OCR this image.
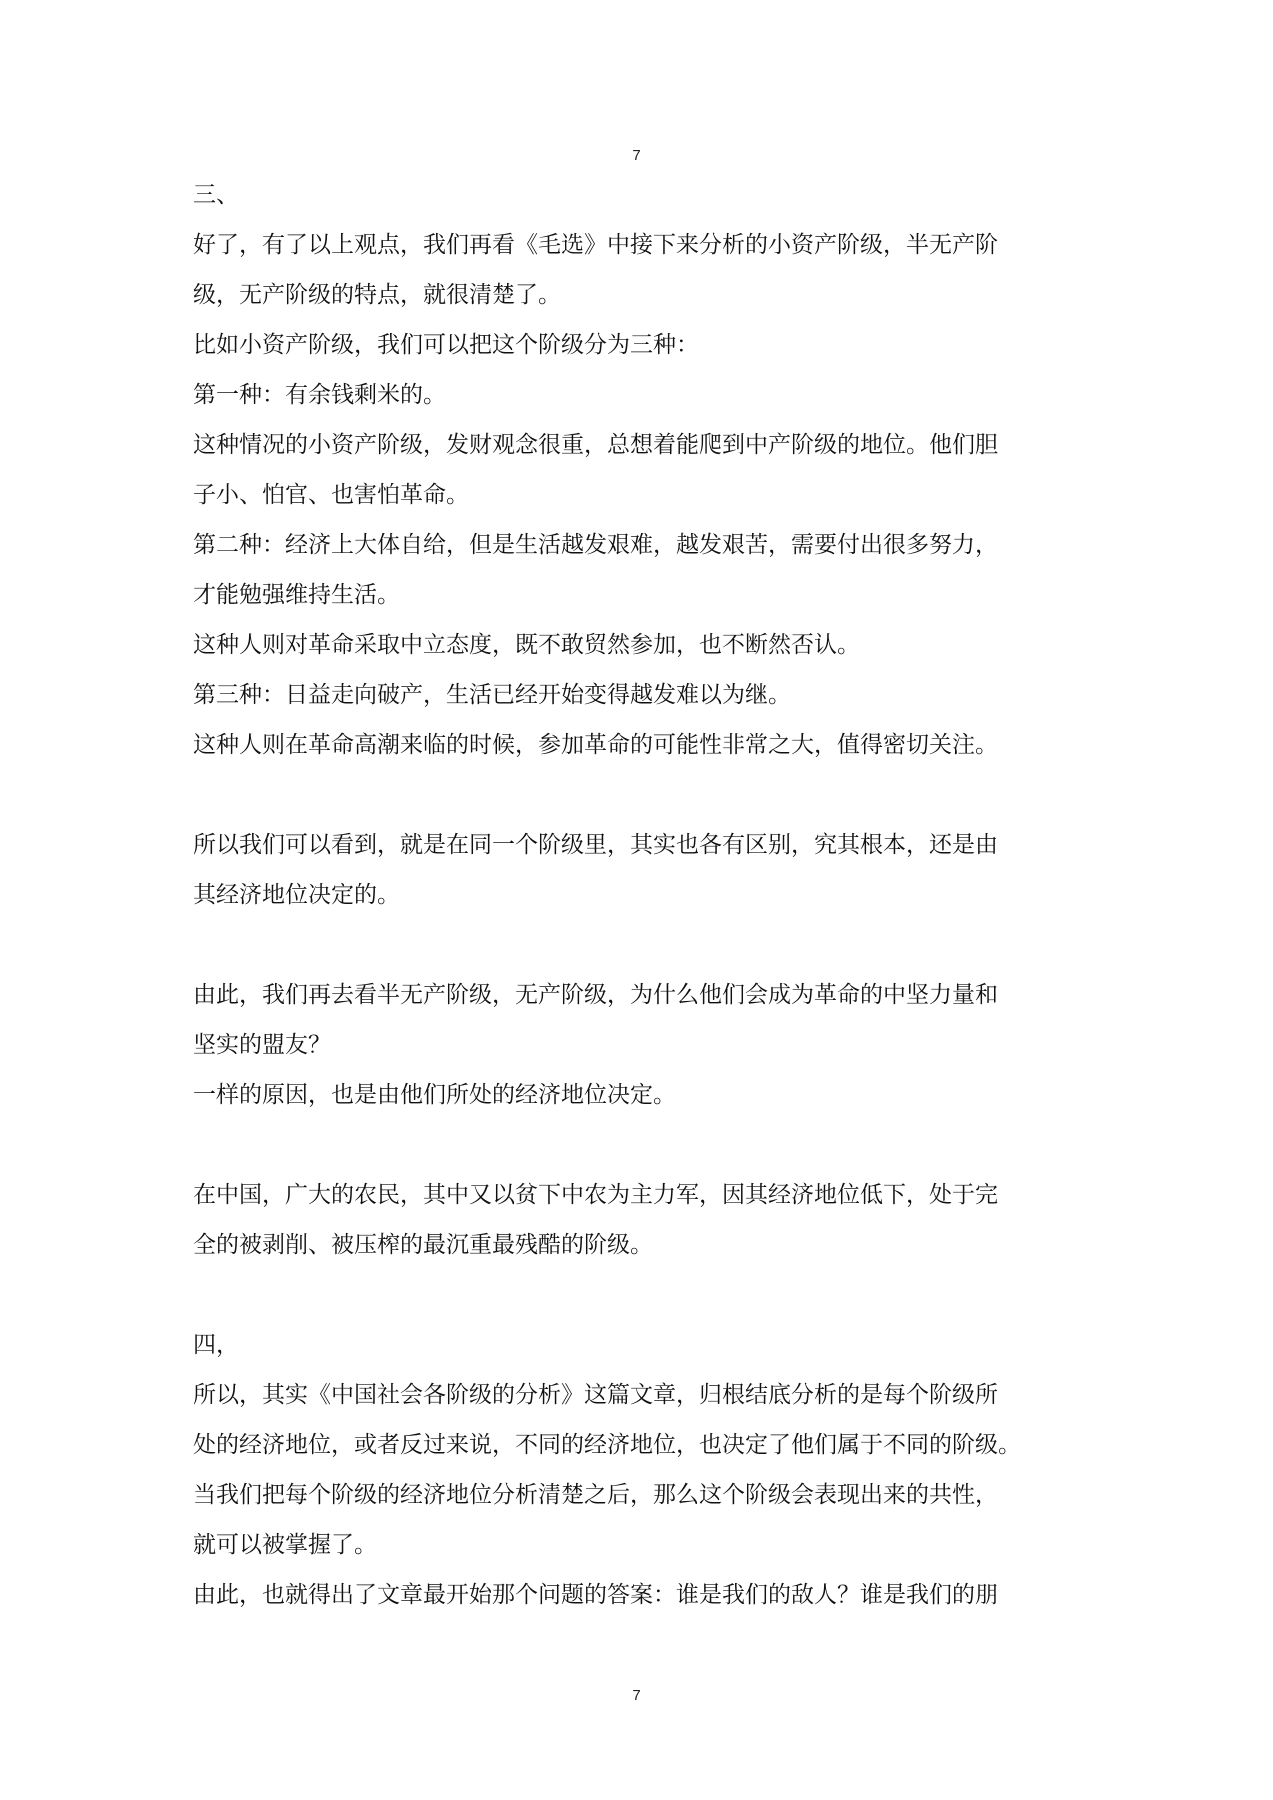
7

三、

好了，有了以上观点，我们再看《毛选》中接下来分析的小资产阶级，半无产阶

级，无产阶级的特点，就很清楚了。

比如小资产阶级，我们可以把这个阶级分为三种：

第一种：有余钱剩米的。

这种情况的小资产阶级，发财观念很重，总想着能爬到中产阶级的地位。他们胆

子小、怕官、也害怕革命。

第二种：经济上大体自给，但是生活越发艰难，越发艰苦，需要付出很多努力，

才能勉强维持生活。

这种人则对革命采取中立态度，既不敢贸然参加，也不断然否认。

第三种：日益走向破产，生活已经开始变得越发难以为继。

这种人则在革命高潮来临的时候，参加革命的可能性非常之大，值得密切关注。

所以我们可以看到，就是在同一个阶级里，其实也各有区别，究其根本，还是由

其经济地位决定的。

由此，我们再去看半无产阶级，无产阶级，为什么他们会成为革命的中坚力量和

坚实的盟友？

一样的原因，也是由他们所处的经济地位决定。

在中国，广大的农民，其中又以贫下中农为主力军，因其经济地位低下，处于完

全的被剥削、被压榨的最沉重最残酷的阶级。

四，

所以，其实《中国社会各阶级的分析》这篇文章，归根结底分析的是每个阶级所

处的经济地位，或者反过来说，不同的经济地位，也决定了他们属于不同的阶级。

当我们把每个阶级的经济地位分析清楚之后，那么这个阶级会表现出来的共性，

就可以被掌握了。

由此，也就得出了文章最开始那个问题的答案：谁是我们的敌人？谁是我们的朋

7
